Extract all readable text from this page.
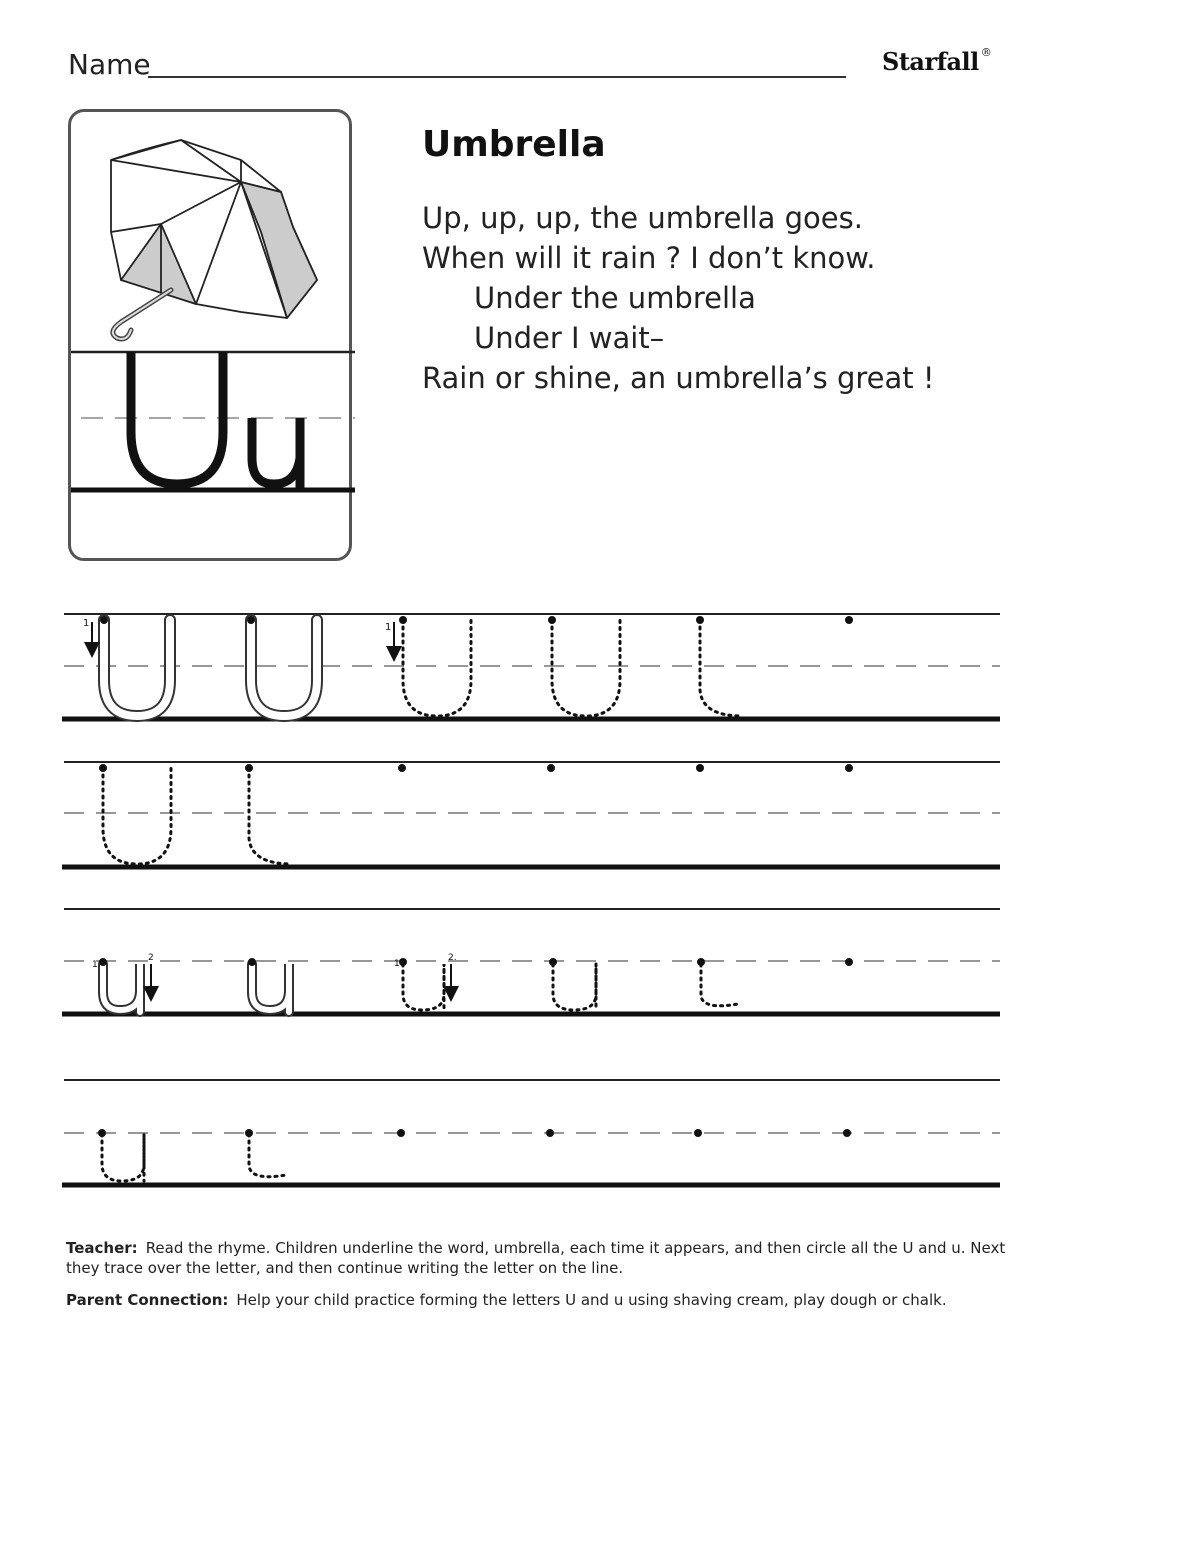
Name	Starfall ®
Umbrella
Up, up, up, the umbrella goes.
When will it rain ? I don’t know.
Under the umbrella
Under I wait–
Rain or shine, an umbrella’s great !
1	1
1
2
1
2.

Teacher: Read the rhyme. Children underline the word, umbrella, each time it appears, and then circle all the U and u. Next they trace over the letter, and then continue writing the letter on the line.

Parent Connection: Help your child practice forming the letters U and u using shaving cream, play dough or chalk.
